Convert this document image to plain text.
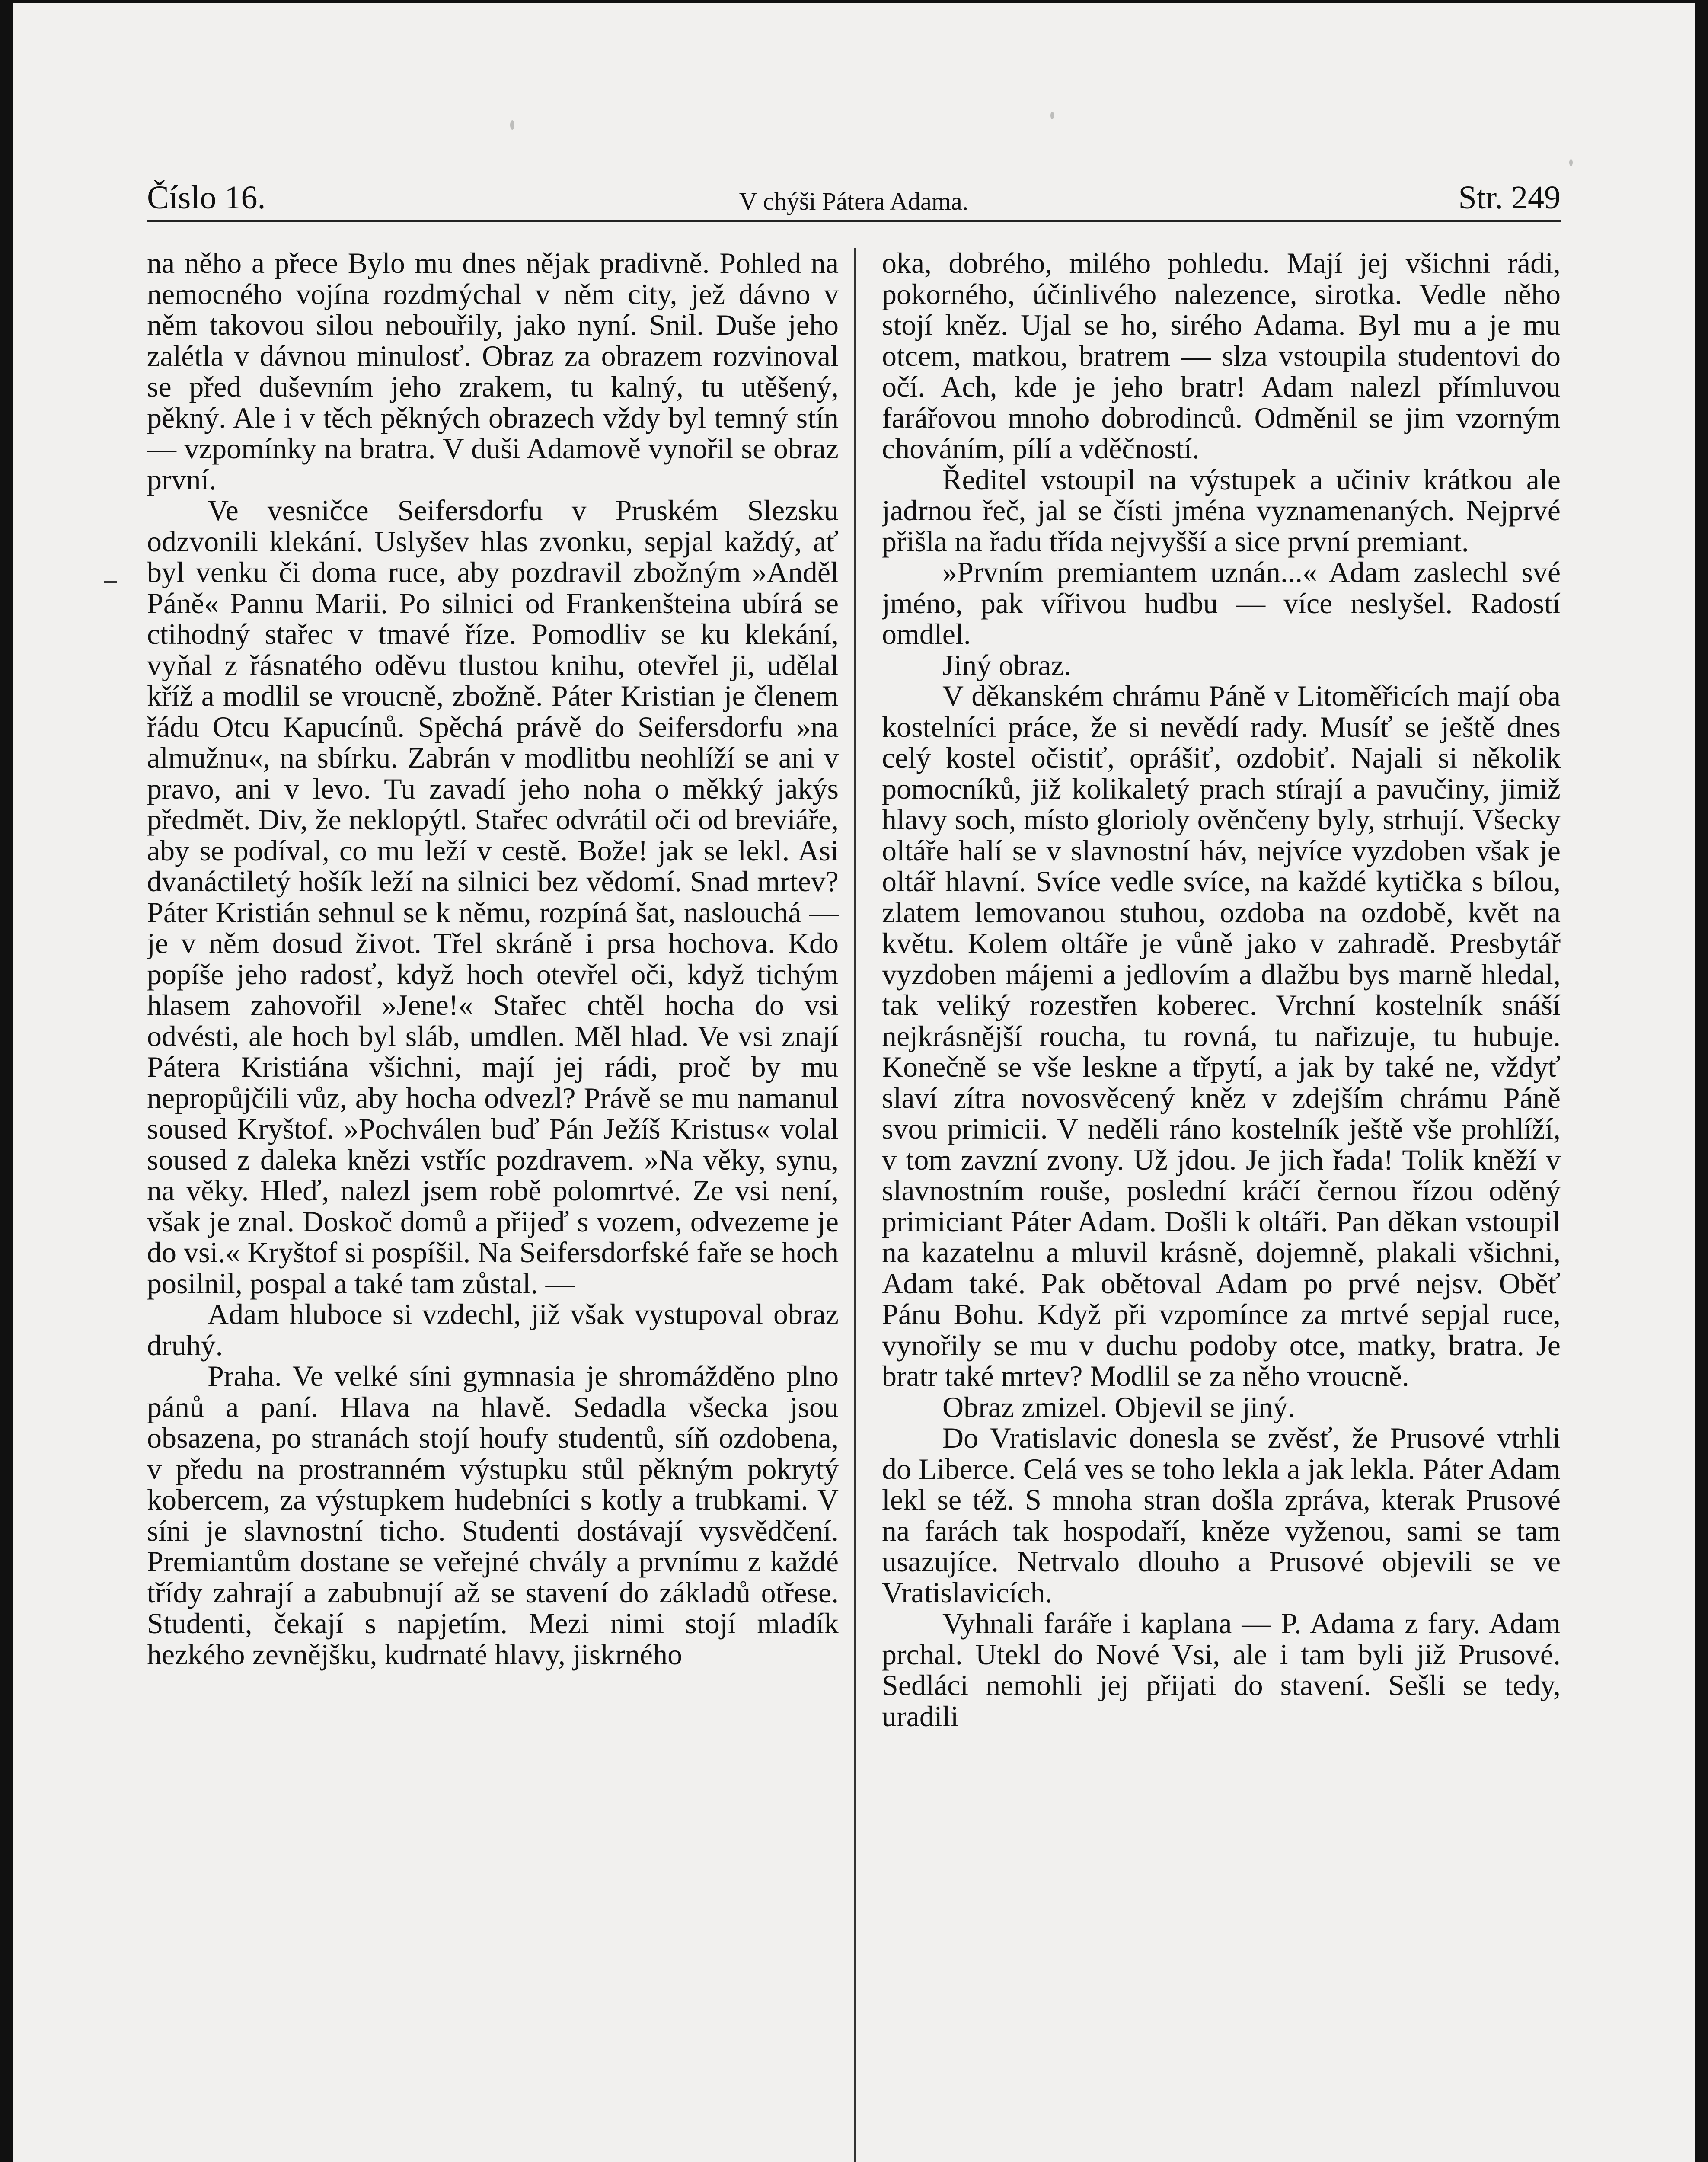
Číslo 16.	V chýši Pátera Adama.	Str. 249

na něho a přece Bylo mu dnes nějak pradivně. Pohled na nemocného vojína rozdmýchal v něm city, jež dávno v něm takovou silou nebouřily, jako nyní. Snil. Duše jeho zalétla v dávnou minulosť. Obraz za obrazem rozvinoval se před duševním jeho zrakem, tu kalný, tu utěšený, pěkný. Ale i v těch pěkných obrazech vždy byl temný stín — vzpomínky na bratra. V duši Adamově vynořil se obraz první.

Ve vesničce Seifersdorfu v Pruském Slezsku odzvonili klekání. Uslyšev hlas zvonku, sepjal každý, ať byl venku či doma ruce, aby pozdravil zbožným »Anděl Páně« Pannu Marii. Po silnici od Frankenšteina ubírá se ctihodný stařec v tmavé říze. Pomodliv se ku klekání, vyňal z řásnatého oděvu tlustou knihu, otevřel ji, udělal kříž a modlil se vroucně, zbožně. Páter Kristian je členem řádu Otcu Kapucínů. Spěchá právě do Seifersdorfu »na almužnu«, na sbírku. Zabrán v modlitbu neohlíží se ani v pravo, ani v levo. Tu zavadí jeho noha o měkký jakýs předmět. Div, že neklopýtl. Stařec odvrátil oči od breviáře, aby se podíval, co mu leží v cestě. Bože! jak se lekl. Asi dvanáctiletý hošík leží na silnici bez vědomí. Snad mrtev? Páter Kristián sehnul se k němu, rozpíná šat, naslouchá — je v něm dosud život. Třel skráně i prsa hochova. Kdo popíše jeho radosť, když hoch otevřel oči, když tichým hlasem zahovořil »Jene!« Stařec chtěl hocha do vsi odvésti, ale hoch byl sláb, umdlen. Měl hlad. Ve vsi znají Pátera Kristiána všichni, mají jej rádi, proč by mu nepropůjčili vůz, aby hocha odvezl? Právě se mu namanul soused Kryštof. »Pochválen buď Pán Ježíš Kristus« volal soused z daleka knězi vstříc pozdravem. »Na věky, synu, na věky. Hleď, nalezl jsem robě polomrtvé. Ze vsi není, však je znal. Doskoč domů a přijeď s vozem, odvezeme je do vsi.« Kryštof si pospíšil. Na Seifersdorfské faře se hoch posilnil, pospal a také tam zůstal. —

Adam hluboce si vzdechl, již však vystupoval obraz druhý.

Praha. Ve velké síni gymnasia je shromážděno plno pánů a paní. Hlava na hlavě. Sedadla všecka jsou obsazena, po stranách stojí houfy studentů, síň ozdobena, v předu na prostranném výstupku stůl pěkným pokrytý kobercem, za výstupkem hudebníci s kotly a trubkami. V síni je slavnostní ticho. Studenti dostávají vysvědčení. Premiantům dostane se veřejné chvály a prvnímu z každé třídy zahrají a zabubnují až se stavení do základů otřese. Studenti, čekají s napjetím. Mezi nimi stojí mladík hezkého zevnějšku, kudrnaté hlavy, jiskrného

oka, dobrého, milého pohledu. Mají jej všichni rádi, pokorného, účinlivého nalezence, sirotka. Vedle něho stojí kněz. Ujal se ho, sirého Adama. Byl mu a je mu otcem, matkou, bratrem — slza vstoupila studentovi do očí. Ach, kde je jeho bratr! Adam nalezl přímluvou farářovou mnoho dobrodinců. Odměnil se jim vzorným chováním, pílí a vděčností.

Ředitel vstoupil na výstupek a učiniv krátkou ale jadrnou řeč, jal se čísti jména vyznamenaných. Nejprvé přišla na řadu třída nejvyšší a sice první premiant.

»Prvním premiantem uznán...« Adam zaslechl své jméno, pak vířivou hudbu — více neslyšel. Radostí omdlel.

Jiný obraz.

V děkanském chrámu Páně v Litoměřicích mají oba kostelníci práce, že si nevědí rady. Musíť se ještě dnes celý kostel očistiť, oprášiť, ozdobiť. Najali si několik pomocníků, již kolikaletý prach stírají a pavučiny, jimiž hlavy soch, místo glorioly ověnčeny byly, strhují. Všecky oltáře halí se v slavnostní háv, nejvíce vyzdoben však je oltář hlavní. Svíce vedle svíce, na každé kytička s bílou, zlatem lemovanou stuhou, ozdoba na ozdobě, květ na květu. Kolem oltáře je vůně jako v zahradě. Presbytář vyzdoben májemi a jedlovím a dlažbu bys marně hledal, tak veliký rozestřen koberec. Vrchní kostelník snáší nejkrásnější roucha, tu rovná, tu nařizuje, tu hubuje. Konečně se vše leskne a třpytí, a jak by také ne, vždyť slaví zítra novosvěcený kněz v zdejším chrámu Páně svou primicii. V neděli ráno kostelník ještě vše prohlíží, v tom zavzní zvony. Už jdou. Je jich řada! Tolik kněží v slavnostním rouše, poslední kráčí černou řízou oděný primiciant Páter Adam. Došli k oltáři. Pan děkan vstoupil na kazatelnu a mluvil krásně, dojemně, plakali všichni, Adam také. Pak obětoval Adam po prvé nejsv. Oběť Pánu Bohu. Když při vzpomínce za mrtvé sepjal ruce, vynořily se mu v duchu podoby otce, matky, bratra. Je bratr také mrtev? Modlil se za něho vroucně.

Obraz zmizel. Objevil se jiný.

Do Vratislavic donesla se zvěsť, že Prusové vtrhli do Liberce. Celá ves se toho lekla a jak lekla. Páter Adam lekl se též. S mnoha stran došla zpráva, kterak Prusové na farách tak hospodaří, kněze vyženou, sami se tam usazujíce. Netrvalo dlouho a Prusové objevili se ve Vratislavicích.

Vyhnali faráře i kaplana — P. Adama z fary. Adam prchal. Utekl do Nové Vsi, ale i tam byli již Prusové. Sedláci nemohli jej přijati do stavení. Sešli se tedy, uradili
